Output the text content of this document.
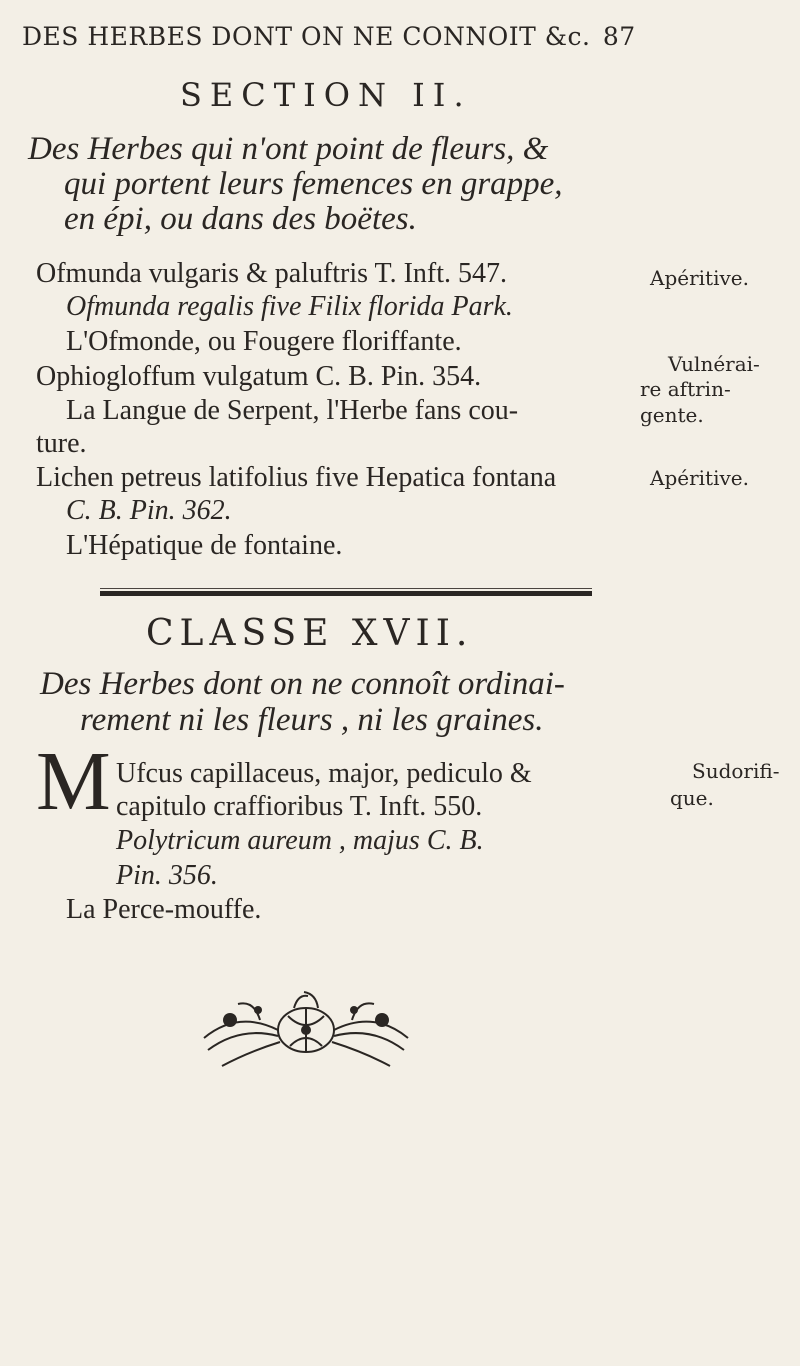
DES HERBES DONT ON NE CONNOIT &c. 87
SECTION II.
Des Herbes qui n'ont point de fleurs, &
qui portent leurs femences en grappe,
en épi, ou dans des boëtes.
Ofmunda vulgaris & paluftris T. Inft. 547.
Ofmunda regalis five Filix florida Park.
L'Ofmonde, ou Fougere floriffante.
Ophiogloffum vulgatum C. B. Pin. 354.
La Langue de Serpent, l'Herbe fans cou-
ture.
Lichen petreus latifolius five Hepatica fontana
C. B. Pin. 362.
L'Hépatique de fontaine.
Apéritive.
Vulnérai-
re aftrin-
gente.
Apéritive.
CLASSE XVII.
Des Herbes dont on ne connoît ordinai-
rement ni les fleurs , ni les graines.
M Ufcus capillaceus, major, pediculo &
capitulo craffioribus T. Inft. 550.
Polytricum aureum , majus C. B.
Pin. 356.
La Perce-mouffe.
Sudorifi-
que.
